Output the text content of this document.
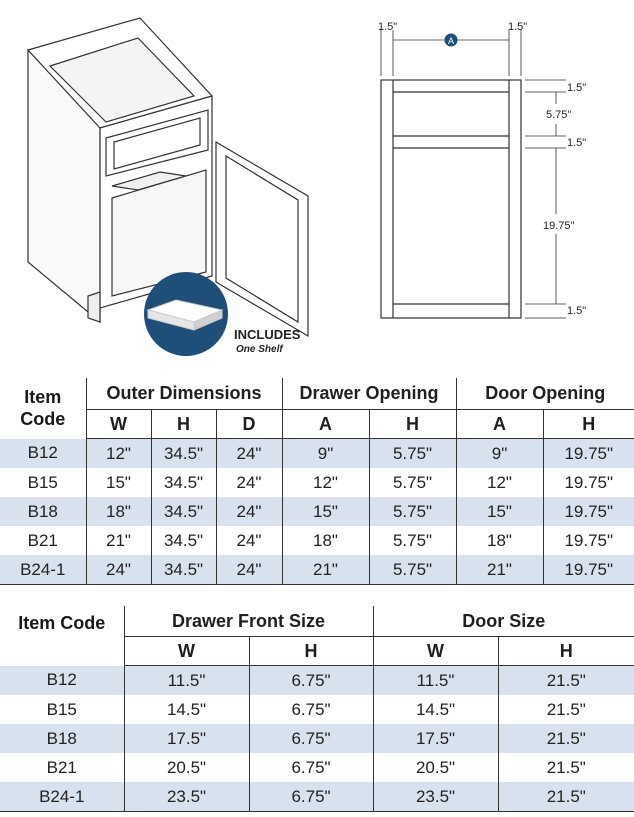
INCLUDES
One Shelf
1.5"	1.5"
A
1.5"
5.75"
1.5"
19.75"
1.5"
Item
Code	Outer Dimensions			Drawer Opening		Door Opening	
	W	H	D	A	H	A	H
B12	12"	34.5"	24"	9"	5.75"	9"	19.75"
B15	15"	34.5"	24"	12"	5.75"	12"	19.75"
B18	18"	34.5"	24"	15"	5.75"	15"	19.75"
B21	21"	34.5"	24"	18"	5.75"	18"	19.75"
B24-1	24"	34.5"	24"	21"	5.75"	21"	19.75"
Item Code	Drawer Front Size		Door Size	
	W	H	W	H
B12	11.5"	6.75"	11.5"	21.5"
B15	14.5"	6.75"	14.5"	21.5"
B18	17.5"	6.75"	17.5"	21.5"
B21	20.5"	6.75"	20.5"	21.5"
B24-1	23.5"	6.75"	23.5"	21.5"
